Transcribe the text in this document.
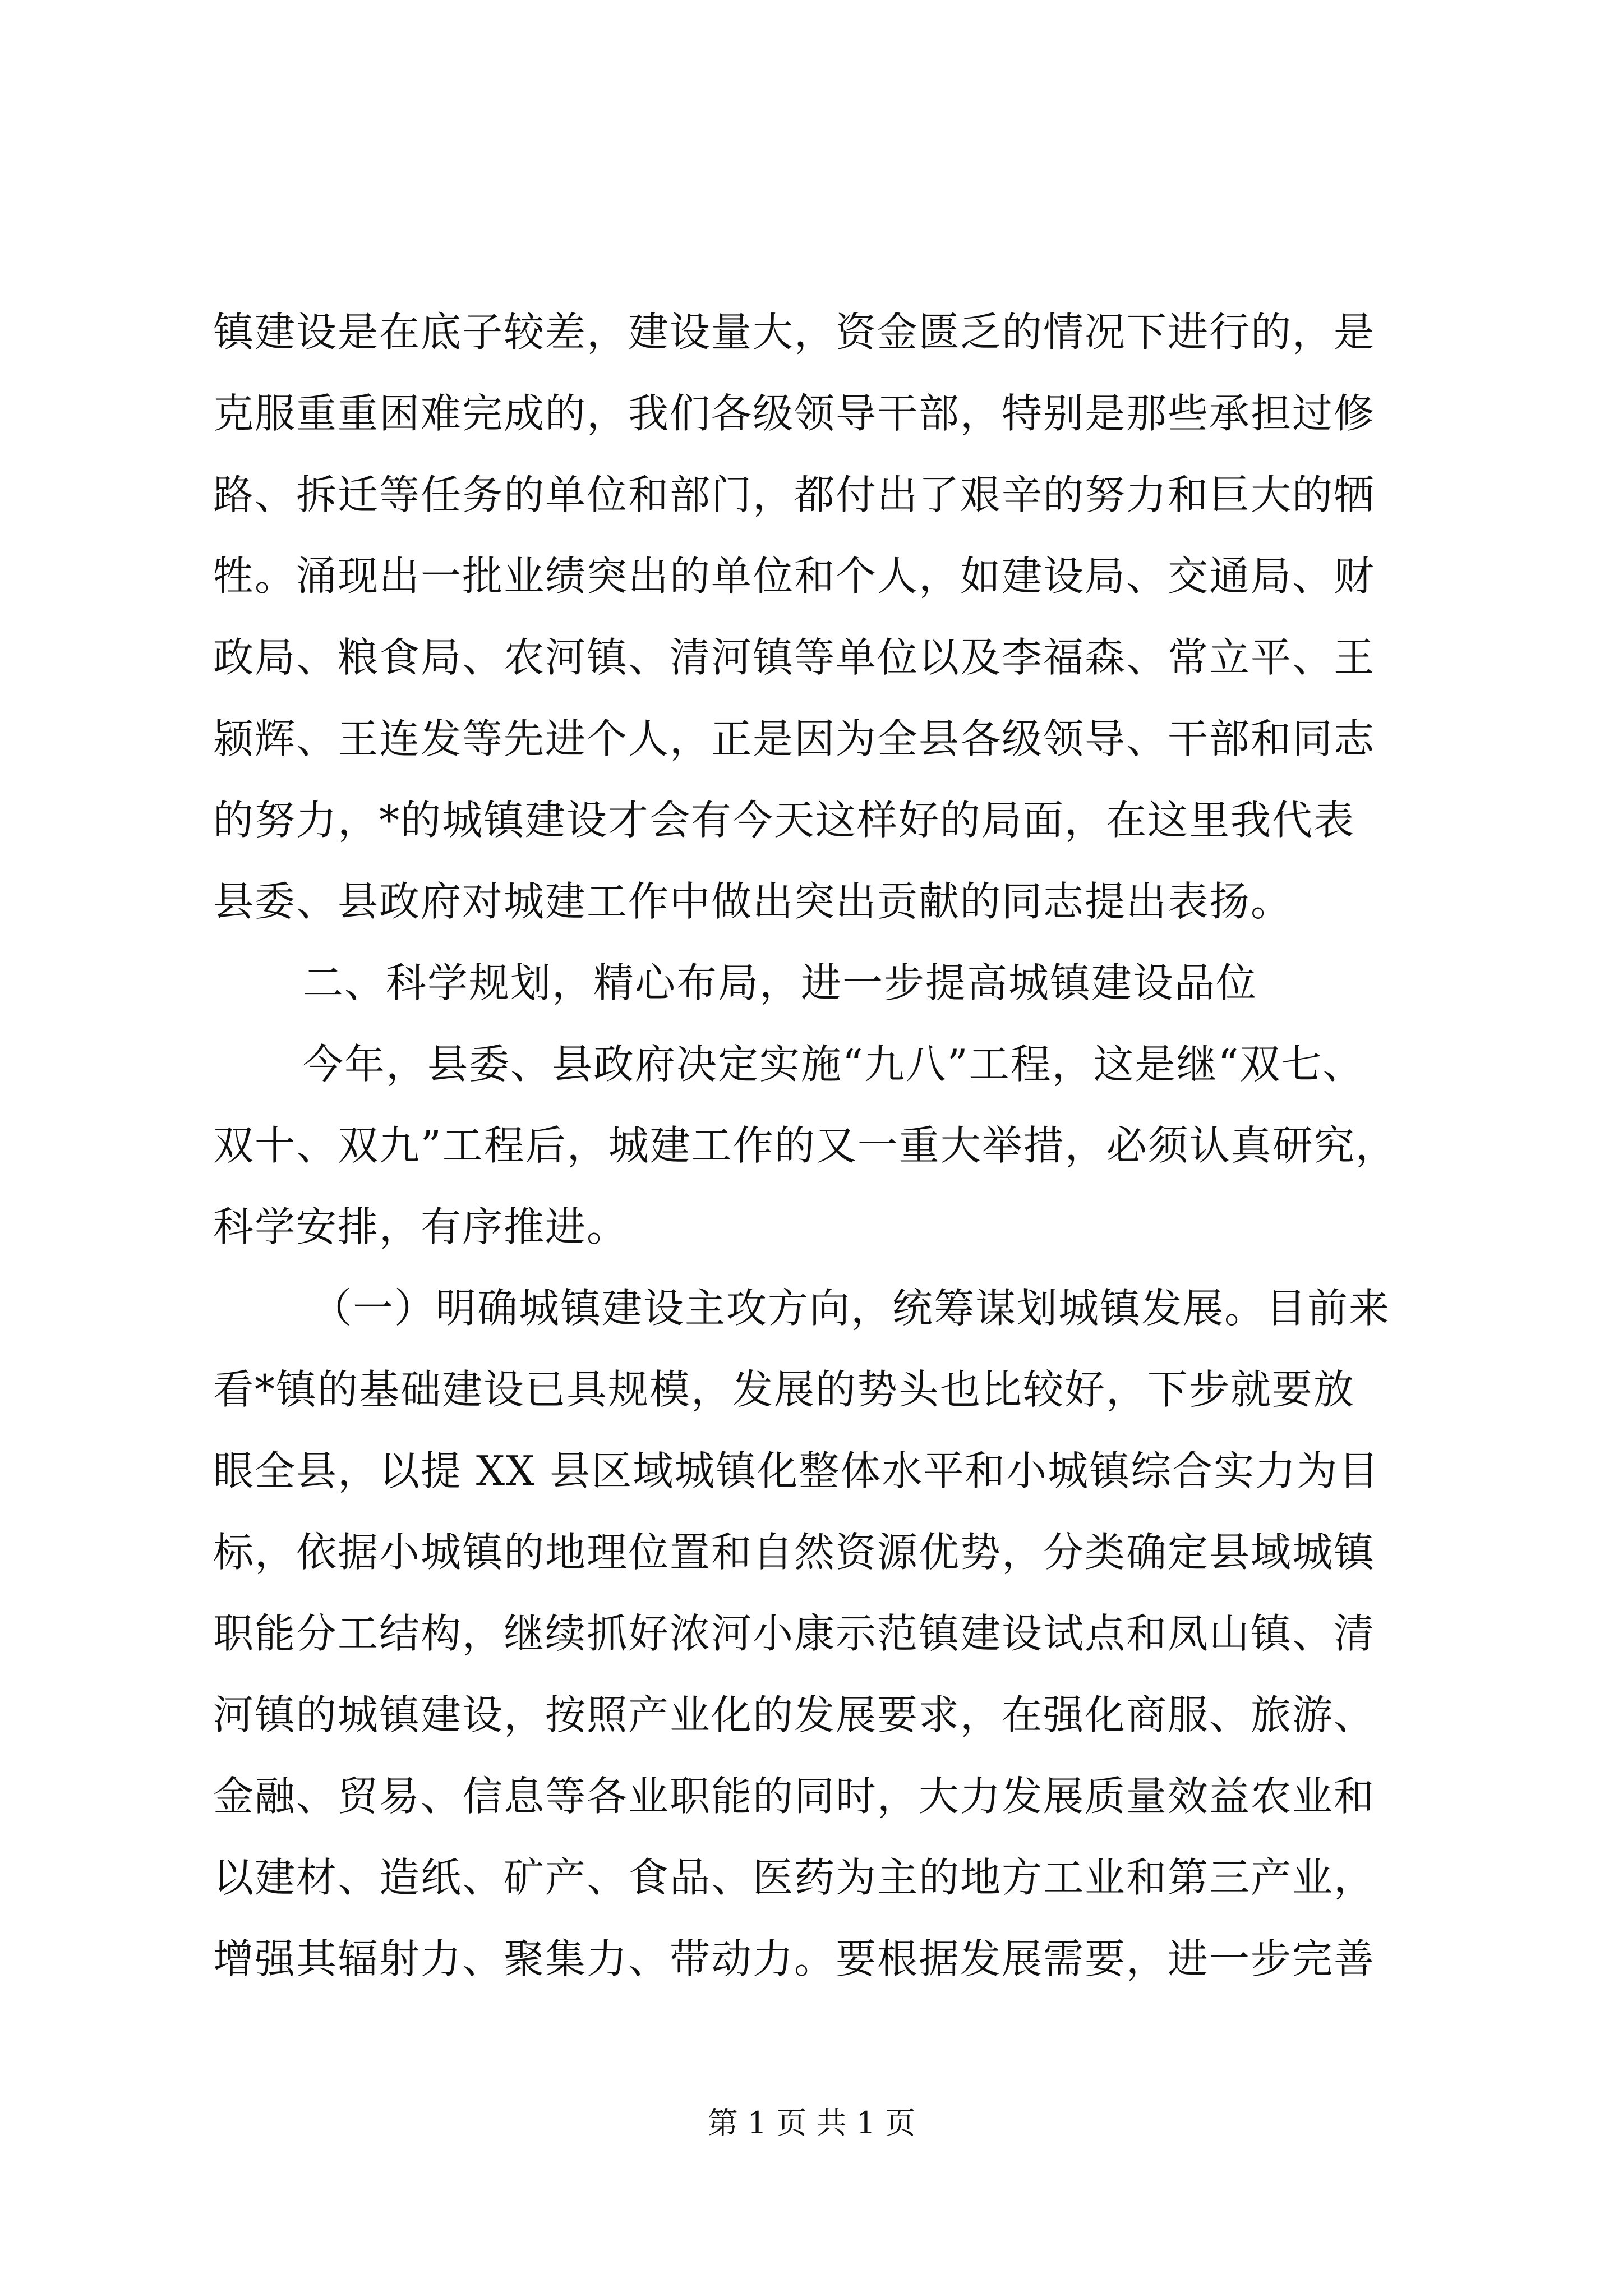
镇建设是在底子较差，建设量大，资金匮乏的情况下进行的，是
克服重重困难完成的，我们各级领导干部，特别是那些承担过修
路、拆迁等任务的单位和部门，都付出了艰辛的努力和巨大的牺
牲。涌现出一批业绩突出的单位和个人，如建设局、交通局、财
政局、粮食局、农河镇、清河镇等单位以及李福森、常立平、王
颍辉、王连发等先进个人，正是因为全县各级领导、干部和同志
的努力，*的城镇建设才会有今天这样好的局面，在这里我代表
县委、县政府对城建工作中做出突出贡献的同志提出表扬。
二、科学规划，精心布局，进一步提高城镇建设品位
今年，县委、县政府决定实施“九八”工程，这是继“双七、
双十、双九”工程后，城建工作的又一重大举措，必须认真研究，
科学安排，有序推进。
（一）明确城镇建设主攻方向，统筹谋划城镇发展。目前来
看*镇的基础建设已具规模，发展的势头也比较好，下步就要放
眼全县，以提 XX 县区域城镇化整体水平和小城镇综合实力为目
标，依据小城镇的地理位置和自然资源优势，分类确定县域城镇
职能分工结构，继续抓好浓河小康示范镇建设试点和凤山镇、清
河镇的城镇建设，按照产业化的发展要求，在强化商服、旅游、
金融、贸易、信息等各业职能的同时，大力发展质量效益农业和
以建材、造纸、矿产、食品、医药为主的地方工业和第三产业，
增强其辐射力、聚集力、带动力。要根据发展需要，进一步完善
第 1 页 共 1 页
